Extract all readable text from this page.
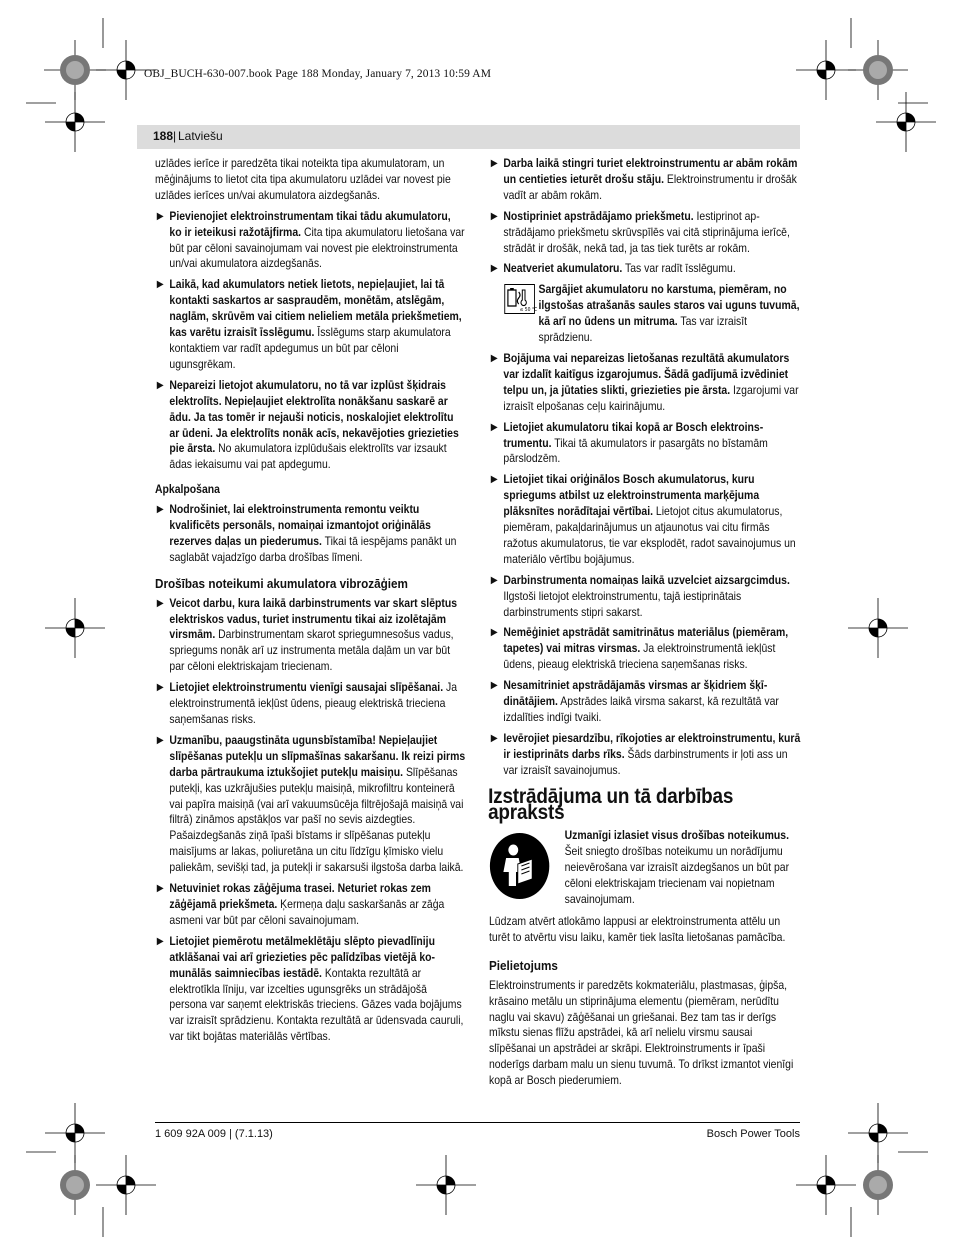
OBJ_BUCH-630-007.book Page 188 Monday, January 7, 2013 10:59 AM
188 | Latviešu

uzlādes ierīce ir paredzēta tikai noteikta tipa akumulatoram, un mēģinājums to lietot cita tipa akumulatoru uzlādei var novest pie uzlādes ierīces un/vai akumulatora aizdegšanās.

▶ Pievienojiet elektroinstrumentam tikai tādu akumulatoru, ko ir ieteikusi ražotājfirma. Cita tipa akumulatoru lietošana var būt par cēloni savainojumam vai novest pie elektroinstrumenta un/vai akumulatora aizdegšanās.
▶ Laikā, kad akumulators netiek lietots, nepieļaujiet, lai tā kontakti saskartos ar saspraudēm, monētām, atslēgām, naglām, skrūvēm vai citiem nelieliem metāla priekšmetiem, kas varētu izraisīt īsslēgumu. Īsslēgums starp akumulatora kontaktiem var radīt apdegumus un būt par cēloni ugunsgrēkam.
▶ Nepareizi lietojot akumulatoru, no tā var izplūst šķidrais elektrolīts. Nepieļaujiet elektrolīta nonākšanu saskarē ar ādu. Ja tas tomēr ir nejauši noticis, noskalojiet elektrolītu ar ūdeni. Ja elektrolīts nonāk acīs, nekavējoties griezieties pie ārsta. No akumulatora izplūdušais elektrolīts var izsaukt ādas iekaisumu vai pat apdegumu.
Apkalpošana
▶ Nodrošiniet, lai elektroinstrumenta remontu veiktu kvalificēts personāls, nomaiņai izmantojot oriģinālās rezerves daļas un piederumus. Tikai tā iespējams panākt un saglabāt vajadzīgo darba drošības līmeni.
Drošības noteikumi akumulatora vibrozāģiem
▶ Veicot darbu, kura laikā darbinstruments var skart slēptus elektriskos vadus, turiet instrumentu tikai aiz izolētajām virsmām. Darbinstrumentam skarot spriegumnesošus vadus, spriegums nonāk arī uz instrumenta metāla daļām un var būt par cēloni elektriskajam triecienam.
▶ Lietojiet elektroinstrumentu vienīgi sausajai slīpēšanai. Ja elektroinstrumentā iekļūst ūdens, pieaug elektriskā trieciena saņemšanas risks.
▶ Uzmanību, paaugstināta ugunsbīstamība! Nepieļaujiet slīpēšanas putekļu un slīpmašīnas sakaršanu. Ik reizi pirms darba pārtraukuma iztukšojiet putekļu maisiņu. Slīpēšanas putekļi, kas uzkrājušies putekļu maisiņā, mikrofiltru konteinerā vai papīra maisiņā (vai arī vakuumsūcēja filtrējošajā maisiņā vai filtrā) zināmos apstākļos var pašī no sevis aizdegties. Pašaizdegšanās ziņā īpaši bīstams ir slīpēšanas putekļu maisījums ar lakas, poliuretāna un citu līdzīgu ķīmisko vielu paliekām, sevišķi tad, ja putekļi ir sakarsuši ilgstoša darba laikā.
▶ Netuviniet rokas zāģējuma trasei. Neturiet rokas zem zāģējamā priekšmeta. Ķermeņa daļu saskaršanās ar zāģa asmeni var būt par cēloni savainojumam.
▶ Lietojiet piemērotu metālmeklētāju slēpto pievadlīniju atklāšanai vai arī griezieties pēc palīdzības vietējā komunālās saimniecības iestādē. Kontakta rezultātā ar elektrotīkla līniju, var izcelties ugunsgrēks un strādājošā persona var saņemt elektriskās trieciens. Gāzes vada bojājums var izraisīt sprādzienu. Kontakta rezultātā ar ūdensvada cauruli, var tikt bojātas materiālās vērtības.
▶ Darba laikā stingri turiet elektroinstrumentu ar abām rokām un centieties ieturēt drošu stāju. Elektroinstrumentu ir drošāk vadīt ar abām rokām.
▶ Nostipriniet apstrādājamo priekšmetu. Iestiprinot apstrādājamo priekšmetu skrūvspīlēs vai citā stiprinājuma ierīcē, strādāt ir drošāk, nekā tad, ja tas tiek turēts ar rokām.
▶ Neatveriet akumulatoru. Tas var radīt īsslēgumu.
≤ 50 °C
Sargājiet akumulatoru no karstuma, piemēram, no ilgstošas atrašanās saules staros vai uguns tuvumā, kā arī no ūdens un mitruma. Tas var izraisīt sprādzienu.
▶ Bojājuma vai nepareizas lietošanas rezultātā akumulators var izdalīt kaitīgus izgarojumus. Šādā gadījumā izvēdiniet telpu un, ja jūtaties slikti, griezieties pie ārsta. Izgarojumi var izraisīt elpošanas ceļu kairinājumu.
▶ Lietojiet akumulatoru tikai kopā ar Bosch elektroinstrumentu. Tikai tā akumulators ir pasargāts no bīstamām pārslodzēm.
▶ Lietojiet tikai oriģinālos Bosch akumulatorus, kuru spriegums atbilst uz elektroinstrumenta marķējuma plāksnītes norādītajai vērtībai. Lietojot citus akumulatorus, piemēram, pakaļdarinājumus un atjaunotus vai citu firmās ražotus akumulatorus, tie var eksplodēt, radot savainojumus un materiālo vērtību bojājumus.
▶ Darbinstrumenta nomaiņas laikā uzvelciet aizsargcimdus. Ilgstoši lietojot elektroinstrumentu, tajā iestiprinātais darbinstruments stipri sakarst.
▶ Nemēģiniet apstrādāt samitrinātus materiālus (piemēram, tapetes) vai mitras virsmas. Ja elektroinstrumentā iekļūst ūdens, pieaug elektriskā trieciena saņemšanas risks.
▶ Nesamitriniet apstrādājamās virsmas ar šķidriem šķīdinātājiem. Apstrādes laikā virsma sakarst, kā rezultātā var izdalīties indīgi tvaiki.
▶ Ievērojiet piesardzību, rīkojoties ar elektroinstrumentu, kurā ir iestiprināts darbs rīks. Šāds darbinstruments ir ļoti ass un var izraisīt savainojumus.
Izstrādājuma un tā darbības apraksts
Uzmanīgi izlasiet visus drošības noteikumus. Šeit sniegto drošības noteikumu un norādījumu neievērošana var izraisīt aizdegšanos un būt par cēloni elektriskajam triecienam vai nopietnam savainojumam.

Lūdzam atvērt atlokāmo lappusi ar elektroinstrumenta attēlu un turēt to atvērtu visu laiku, kamēr tiek lasīta lietošanas pamācība.

Pielietojums

Elektroinstruments ir paredzēts kokmateriālu, plastmasas, ģipša, krāsaino metālu un stiprinājuma elementu (piemēram, nerūdītu naglu vai skavu) zāģēšanai un griešanai. Bez tam tas ir derīgs mīkstu sienas flīžu apstrādei, kā arī nelielu virsmu sausai slīpēšanai un apstrādei ar skrāpi. Elektroinstruments ir īpaši noderīgs darbam malu un sienu tuvumā. To drīkst izmantot vienīgi kopā ar Bosch piederumiem.

1 609 92A 009 | (7.1.13)	Bosch Power Tools
